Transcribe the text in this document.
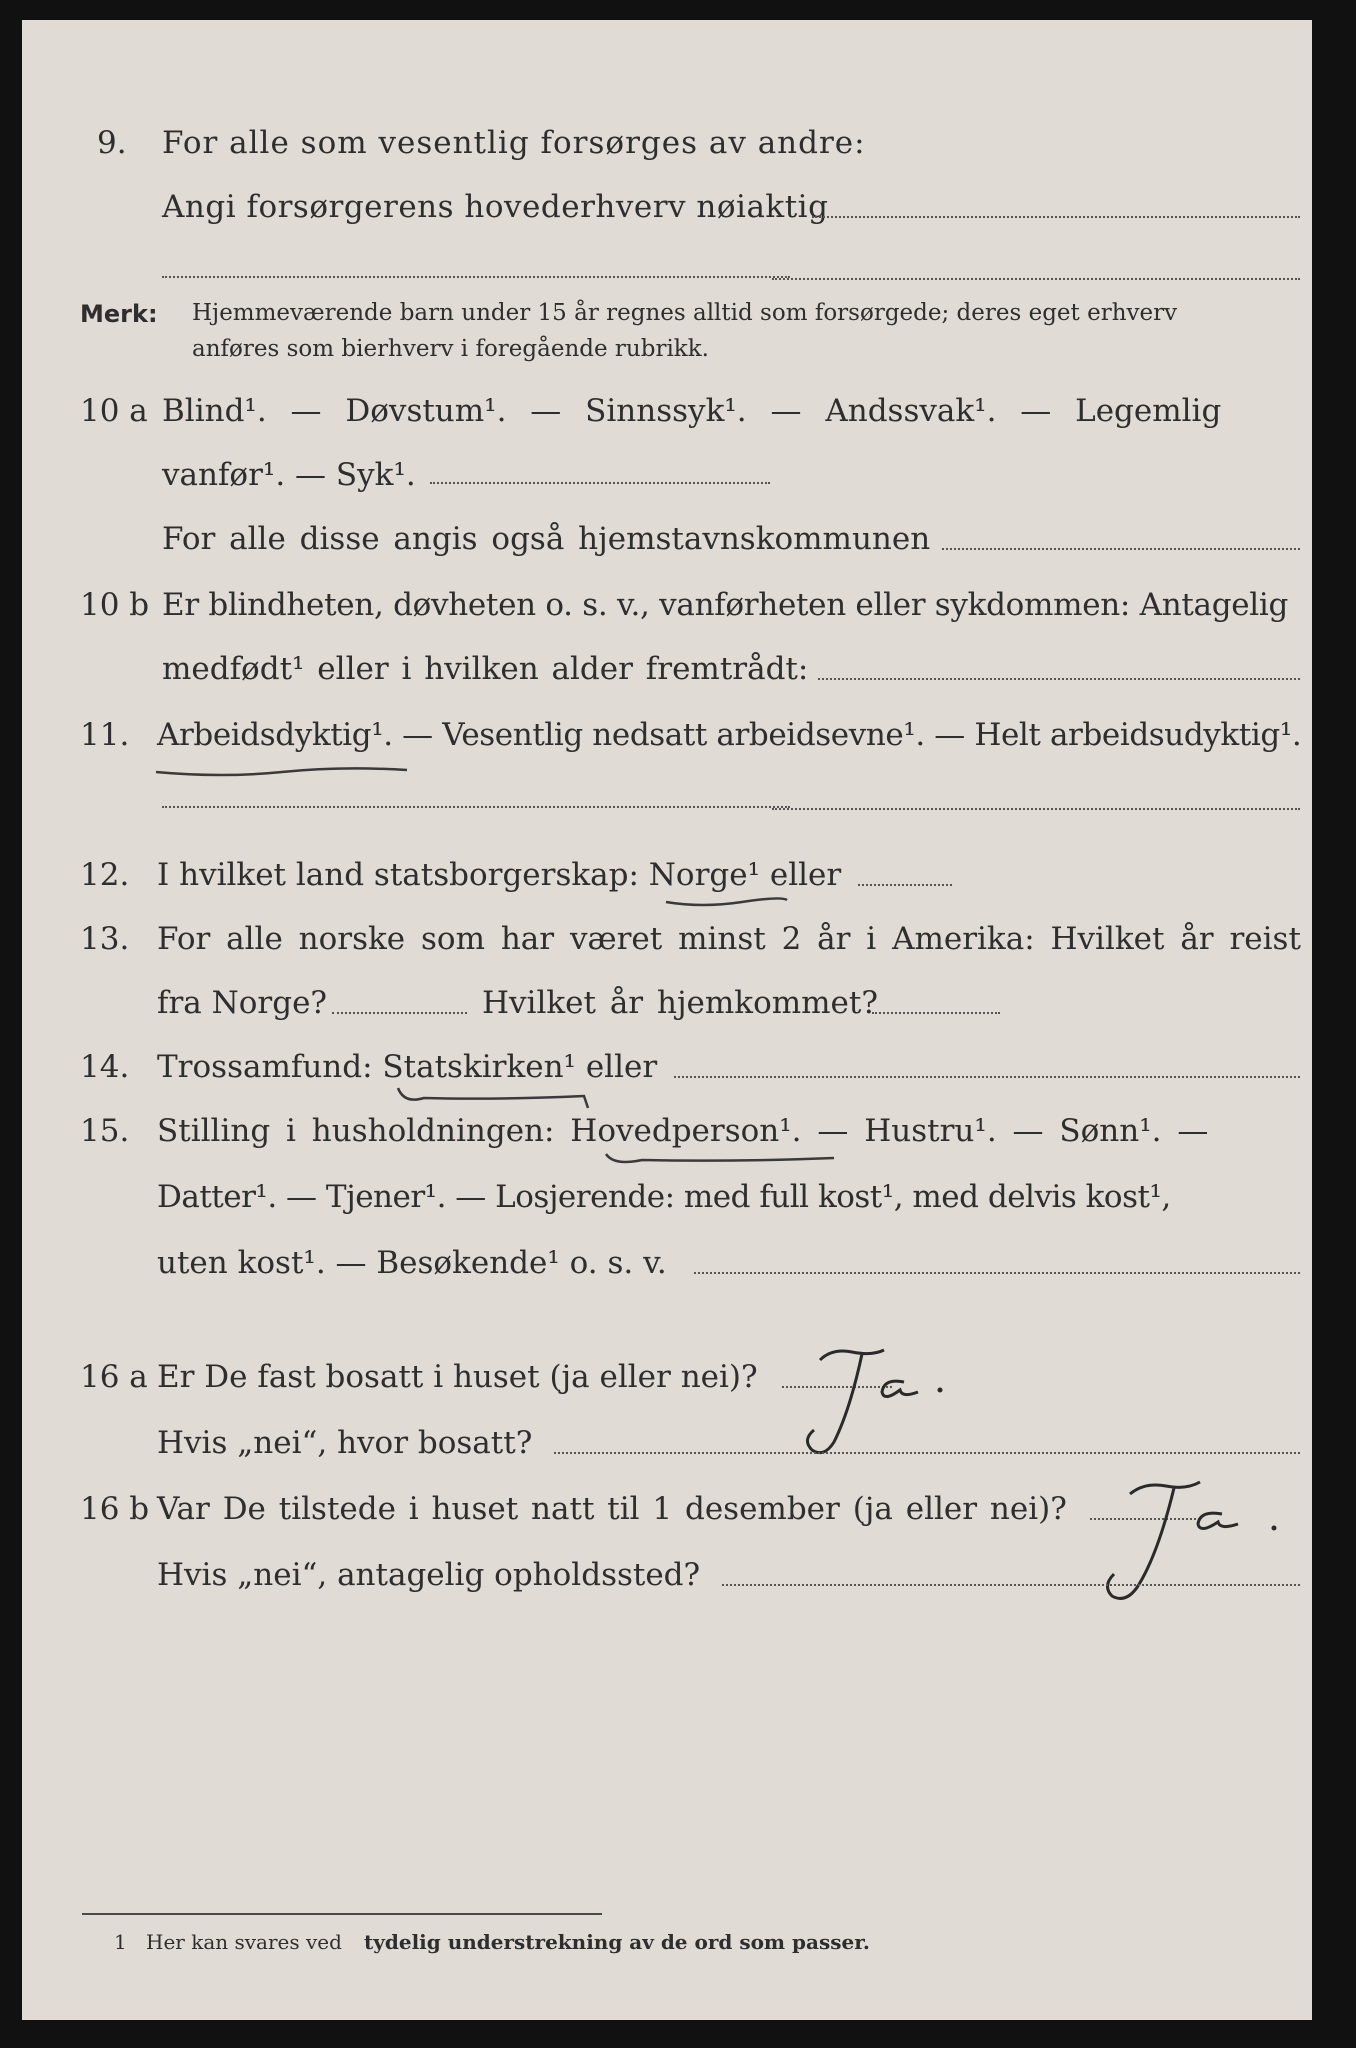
9. For alle som vesentlig forsørges av andre:
Angi forsørgerens hovederhverv nøiaktig
Merk: Hjemmeværende barn under 15 år regnes alltid som forsørgede; deres eget erhverv
anføres som bierhverv i foregående rubrikk.
10 a Blind¹. — Døvstum¹. — Sinnssyk¹. — Andssvak¹. — Legemlig
vanfør¹. — Syk¹.
For alle disse angis også hjemstavnskommunen
10 b Er blindheten, døvheten o. s. v., vanførheten eller sykdommen: Antagelig
medfødt¹ eller i hvilken alder fremtrådt:
11. Arbeidsdyktig¹. — Vesentlig nedsatt arbeidsevne¹. — Helt arbeidsudyktig¹.
12. I hvilket land statsborgerskap: Norge¹ eller
13. For alle norske som har været minst 2 år i Amerika: Hvilket år reist
fra Norge?	Hvilket år hjemkommet?
14. Trossamfund: Statskirken¹ eller
15. Stilling i husholdningen: Hovedperson¹. — Hustru¹. — Sønn¹. —
Datter¹. — Tjener¹. — Losjerende: med full kost¹, med delvis kost¹,
uten kost¹. — Besøkende¹ o. s. v.
16 a Er De fast bosatt i huset (ja eller nei)?
Hvis „nei“, hvor bosatt?
16 b Var De tilstede i huset natt til 1 desember (ja eller nei)?
Hvis „nei“, antagelig opholdssted?
1 Her kan svares ved tydelig understrekning av de ord som passer.
